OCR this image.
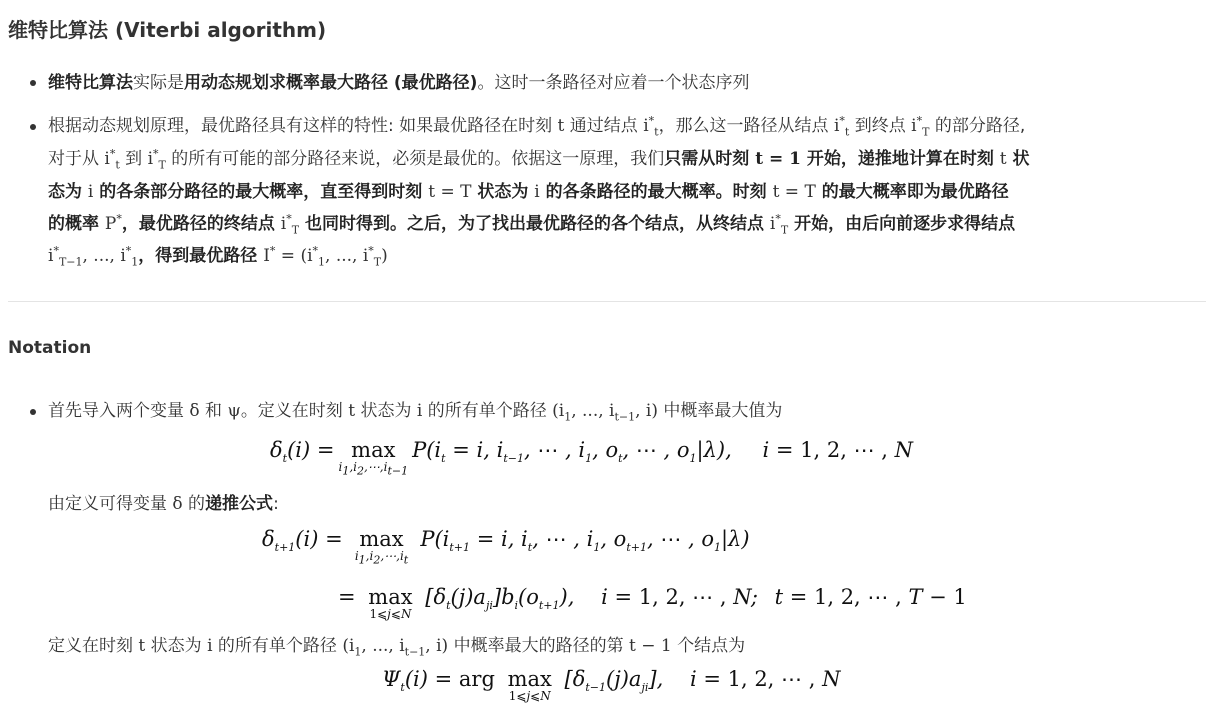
维特比算法 (Viterbi algorithm)
维特比算法实际是用动态规划求概率最大路径 (最优路径)。这时一条路径对应着一个状态序列
根据动态规划原理，最优路径具有这样的特性: 如果最优路径在时刻 t 通过结点 $i^*_t$，那么这一路径从结点 $i^*_t$ 到终点 $i^*_T$ 的部分路径,
对于从 $i^*_t$ 到 $i^*_T$ 的所有可能的部分路径来说，必须是最优的。依据这一原理，我们只需从时刻 t = 1 开始，递推地计算在时刻 t 状
态为 i 的各条部分路径的最大概率，直至得到时刻 t = T 状态为 i 的各条路径的最大概率。时刻 t = T 的最大概率即为最优路径
的概率 P*，最优路径的终结点 $i^*_T$ 也同时得到。之后，为了找出最优路径的各个结点，从终结点 $i^*_T$ 开始，由后向前逐步求得结点
$i^*_{T-1}$, ..., $i^*_1$，得到最优路径 $I^* = (i^*_1$, ..., $i^*_T$)
Notation
首先导入两个变量 δ 和 ψ。定义在时刻 t 状态为 i 的所有单个路径 ($i_1$, ..., $i_{t-1}$, i) 中概率最大值为
$\delta_t(i) = \max$
$i_1,i_2,\cdots,i_{t-1}$
$P(i_t = i$, $i_{t-1}$, ⋯ , $i_1$, $o_t$, ⋯ , $o_1|\lambda$), i = 1, 2, ⋯ , N
由定义可得变量 δ 的递推公式:
$\delta_{t+1}(i) = \max$
$i_1,i_2,\cdots,i_t$
$P(i_{t+1} = i$, $i_t$, ⋯ , $i_1$, $o_{t+1}$, ⋯ , $o_1|\lambda$)
= max
1⩽j⩽N
$[\delta_t(j)a_{ji}]b_i(o_{t+1})$, i = 1, 2, ⋯ , N; t = 1, 2, ⋯ , T − 1
定义在时刻 t 状态为 i 的所有单个路径 ($i_1$, ..., $i_{t-1}$, i) 中概率最大的路径的第 t − 1 个结点为
$\Psi_t(i)$ = arg max
1⩽j⩽N
$[\delta_{t-1}(j)a_{ji}]$, i = 1, 2, ⋯ , N
